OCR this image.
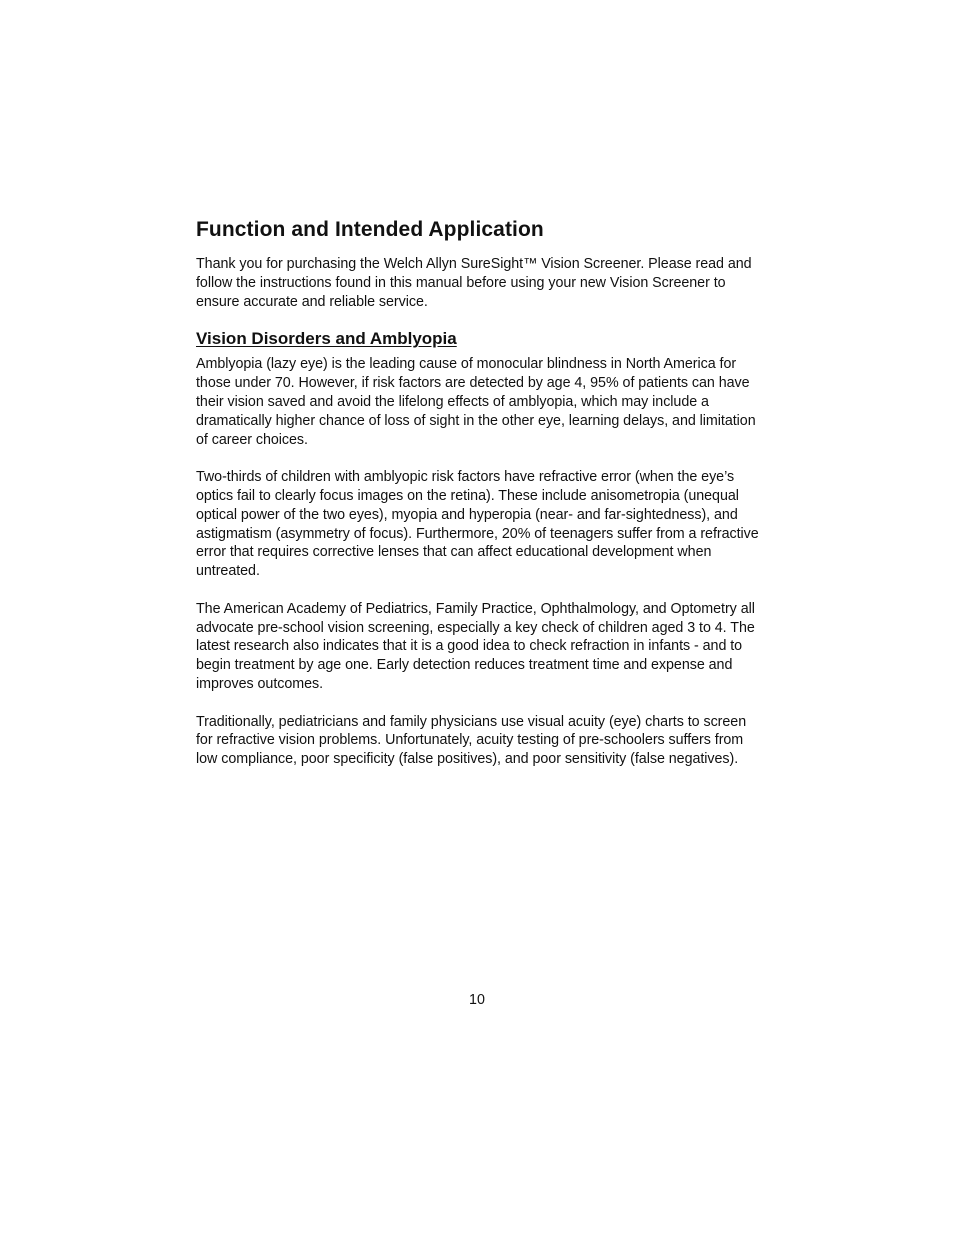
Function and Intended Application

Thank you for purchasing the Welch Allyn SureSight™ Vision Screener. Please read and follow the instructions found in this manual before using your new Vision Screener to ensure accurate and reliable service.

Vision Disorders and Amblyopia

Amblyopia (lazy eye) is the leading cause of monocular blindness in North America for those under 70. However, if risk factors are detected by age 4, 95% of patients can have their vision saved and avoid the lifelong effects of amblyopia, which may include a dramatically higher chance of loss of sight in the other eye, learning delays, and limitation of career choices.

Two-thirds of children with amblyopic risk factors have refractive error (when the eye’s optics fail to clearly focus images on the retina). These include anisometropia (unequal optical power of the two eyes), myopia and hyperopia (near- and far-sightedness), and astigmatism (asymmetry of focus). Furthermore, 20% of teenagers suffer from a refractive error that requires corrective lenses that can affect educational development when untreated.

The American Academy of Pediatrics, Family Practice, Ophthalmology, and Optometry all advocate pre-school vision screening, especially a key check of children aged 3 to 4. The latest research also indicates that it is a good idea to check refraction in infants - and to begin treatment by age one. Early detection reduces treatment time and expense and improves outcomes.

Traditionally, pediatricians and family physicians use visual acuity (eye) charts to screen for refractive vision problems. Unfortunately, acuity testing of pre-schoolers suffers from low compliance, poor specificity (false positives), and poor sensitivity (false negatives).

10
